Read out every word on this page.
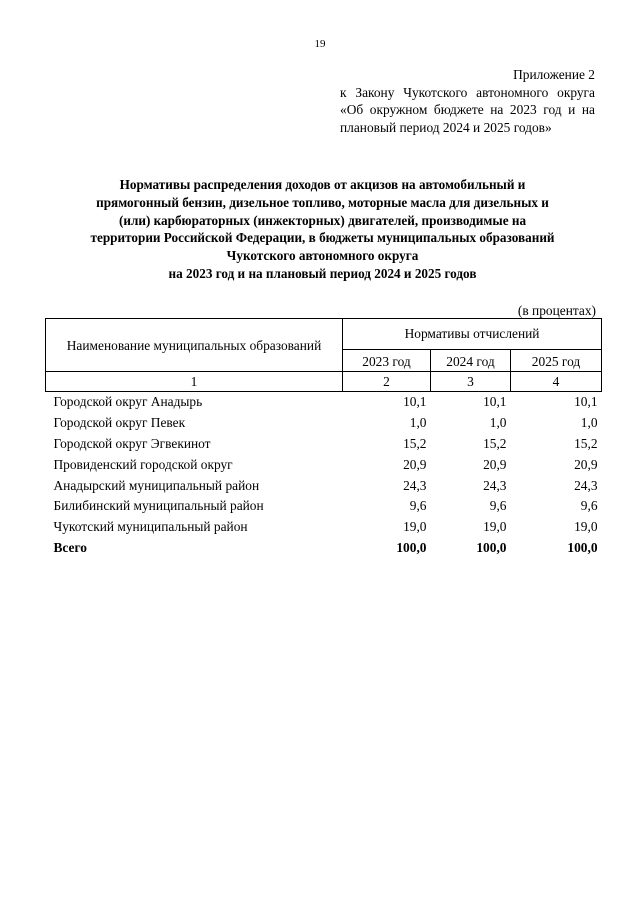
19
Приложение 2
к Закону Чукотского автономного округа «Об окружном бюджете на 2023 год и на плановый период 2024 и 2025 годов»
Нормативы распределения доходов от акцизов на автомобильный и
прямогонный бензин, дизельное топливо, моторные масла для дизельных и
(или) карбюраторных (инжекторных) двигателей, производимые на
территории Российской Федерации, в бюджеты муниципальных образований
Чукотского автономного округа
на 2023 год и на плановый период 2024 и 2025 годов
(в процентах)
Наименование муниципальных образований	Нормативы отчислений		
	2023 год	2024 год	2025 год
1	2	3	4
Городской округ Анадырь	10,1	10,1	10,1
Городской округ Певек	1,0	1,0	1,0
Городской округ Эгвекинот	15,2	15,2	15,2
Провиденский городской округ	20,9	20,9	20,9
Анадырский муниципальный район	24,3	24,3	24,3
Билибинский муниципальный район	9,6	9,6	9,6
Чукотский муниципальный район	19,0	19,0	19,0
Всего	100,0	100,0	100,0
